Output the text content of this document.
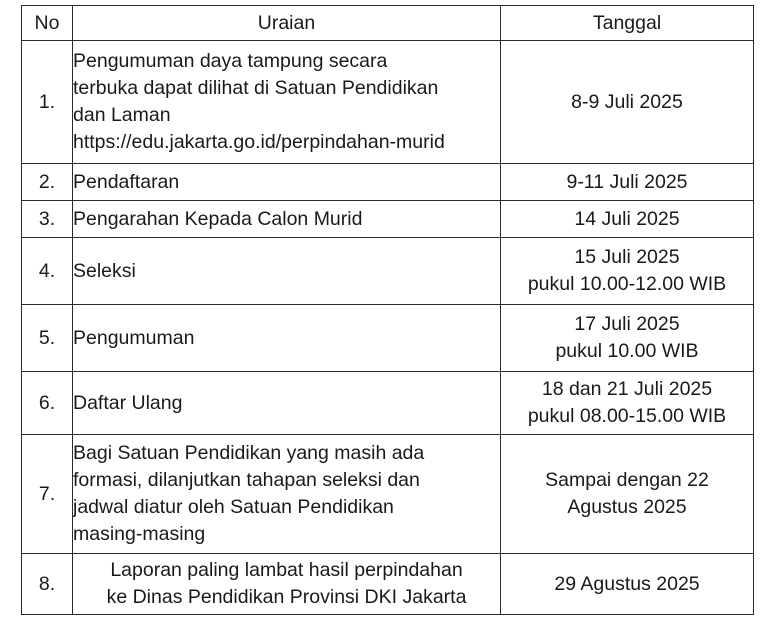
No	Uraian	Tanggal
1.	Pengumuman daya tampung secara
terbuka dapat dilihat di Satuan Pendidikan
dan Laman
https://edu.jakarta.go.id/perpindahan-murid	8-9 Juli 2025

2.	Pendaftaran	9-11 Juli 2025

3.	Pengarahan Kepada Calon Murid	14 Juli 2025

4.	Seleksi	15 Juli 2025
pukul 10.00-12.00 WIB

5.	Pengumuman	17 Juli 2025
pukul 10.00 WIB

6.	Daftar Ulang	18 dan 21 Juli 2025
pukul 08.00-15.00 WIB

7.	Bagi Satuan Pendidikan yang masih ada
formasi, dilanjutkan tahapan seleksi dan
jadwal diatur oleh Satuan Pendidikan
masing-masing	Sampai dengan 22
Agustus 2025

8.	Laporan paling lambat hasil perpindahan
ke Dinas Pendidikan Provinsi DKI Jakarta	29 Agustus 2025
